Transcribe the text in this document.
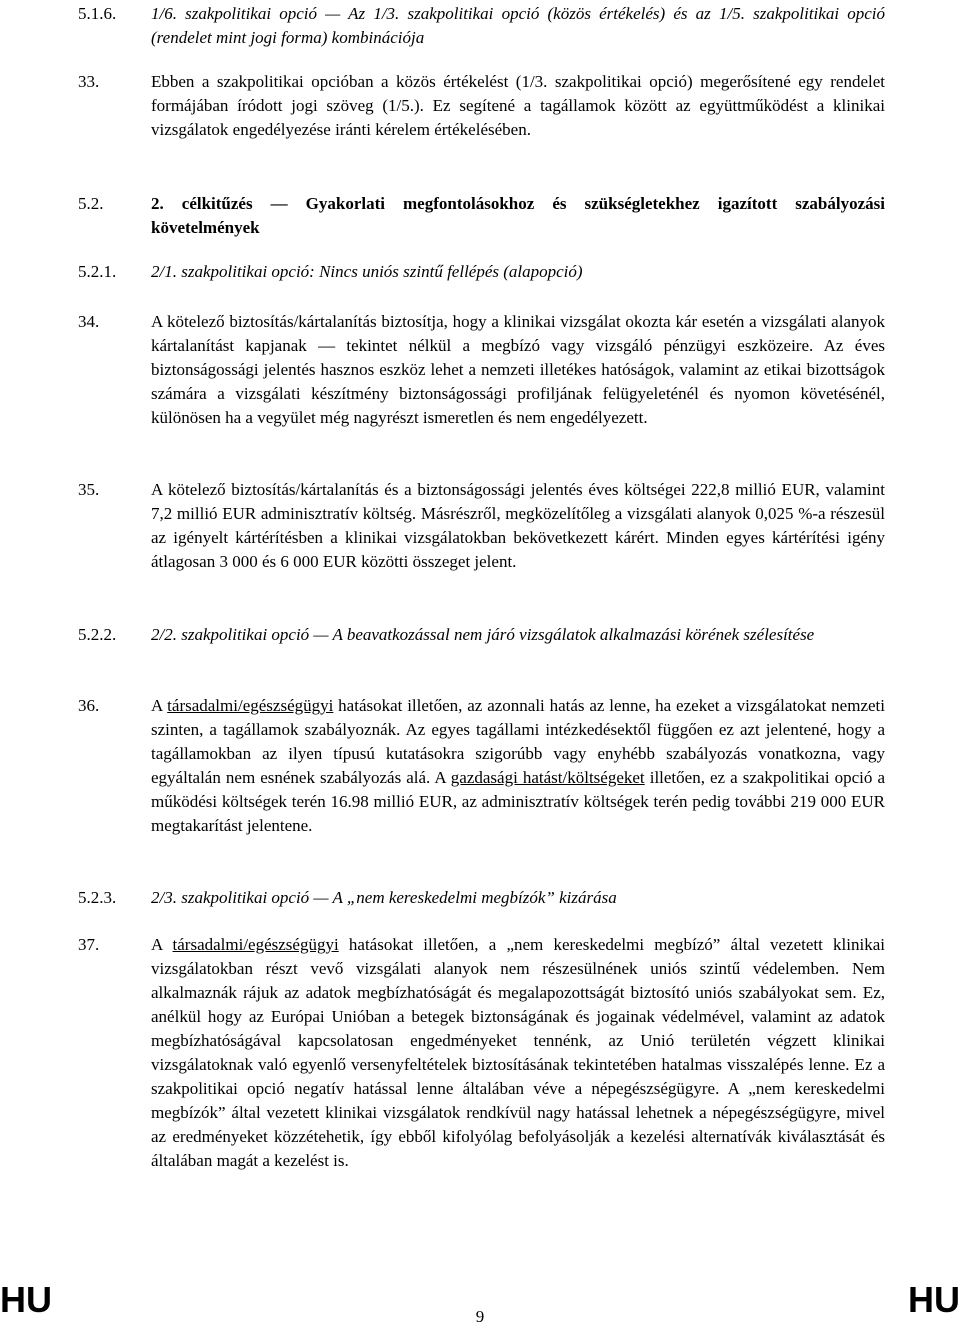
5.1.6. 1/6. szakpolitikai opció — Az 1/3. szakpolitikai opció (közös értékelés) és az 1/5. szakpolitikai opció (rendelet mint jogi forma) kombinációja
33.	Ebben a szakpolitikai opcióban a közös értékelést (1/3. szakpolitikai opció) megerősítené egy rendelet formájában íródott jogi szöveg (1/5.). Ez segítené a tagállamok között az együttműködést a klinikai vizsgálatok engedélyezése iránti kérelem értékelésében.
5.2.	2. célkitűzés — Gyakorlati megfontolásokhoz és szükségletekhez igazított szabályozási követelmények
5.2.1. 2/1. szakpolitikai opció: Nincs uniós szintű fellépés (alapopció)
34.	A kötelező biztosítás/kártalanítás biztosítja, hogy a klinikai vizsgálat okozta kár esetén a vizsgálati alanyok kártalanítást kapjanak — tekintet nélkül a megbízó vagy vizsgáló pénzügyi eszközeire. Az éves biztonságossági jelentés hasznos eszköz lehet a nemzeti illetékes hatóságok, valamint az etikai bizottságok számára a vizsgálati készítmény biztonságossági profiljának felügyeleténél és nyomon követésénél, különösen ha a vegyület még nagyrészt ismeretlen és nem engedélyezett.
35.	A kötelező biztosítás/kártalanítás és a biztonságossági jelentés éves költségei 222,8 millió EUR, valamint 7,2 millió EUR adminisztratív költség. Másrészről, megközelítőleg a vizsgálati alanyok 0,025 %-a részesül az igényelt kártérítésben a klinikai vizsgálatokban bekövetkezett kárért. Minden egyes kártérítési igény átlagosan 3 000 és 6 000 EUR közötti összeget jelent.
5.2.2. 2/2. szakpolitikai opció — A beavatkozással nem járó vizsgálatok alkalmazási körének szélesítése
36.	A társadalmi/egészségügyi hatásokat illetően, az azonnali hatás az lenne, ha ezeket a vizsgálatokat nemzeti szinten, a tagállamok szabályoznák. Az egyes tagállami intézkedésektől függően ez azt jelentené, hogy a tagállamokban az ilyen típusú kutatásokra szigorúbb vagy enyhébb szabályozás vonatkozna, vagy egyáltalán nem esnének szabályozás alá. A gazdasági hatást/költségeket illetően, ez a szakpolitikai opció a működési költségek terén 16.98 millió EUR, az adminisztratív költségek terén pedig további 219 000 EUR megtakarítást jelentene.
5.2.3. 2/3. szakpolitikai opció — A „nem kereskedelmi megbízók” kizárása
37.	A társadalmi/egészségügyi hatásokat illetően, a „nem kereskedelmi megbízó” által vezetett klinikai vizsgálatokban részt vevő vizsgálati alanyok nem részesülnének uniós szintű védelemben. Nem alkalmaznák rájuk az adatok megbízhatóságát és megalapozottságát biztosító uniós szabályokat sem. Ez, anélkül hogy az Európai Unióban a betegek biztonságának és jogainak védelmével, valamint az adatok megbízhatóságával kapcsolatosan engedményeket tennénk, az Unió területén végzett klinikai vizsgálatoknak való egyenlő versenyfeltételek biztosításának tekintetében hatalmas visszalépés lenne. Ez a szakpolitikai opció negatív hatással lenne általában véve a népegészségügyre. A „nem kereskedelmi megbízók” által vezetett klinikai vizsgálatok rendkívül nagy hatással lehetnek a népegészségügyre, mivel az eredményeket közzétehetik, így ebből kifolyólag befolyásolják a kezelési alternatívák kiválasztását és általában magát a kezelést is.
HU	9	HU
